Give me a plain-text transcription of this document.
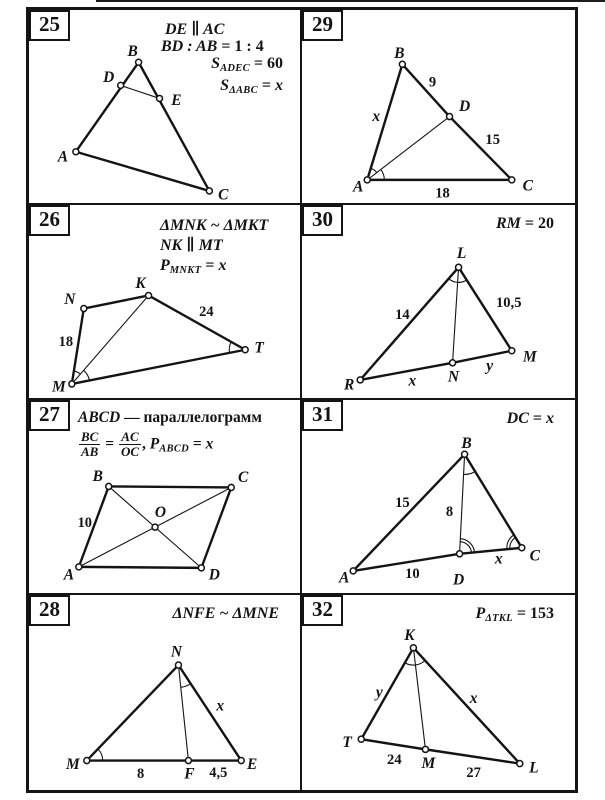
A
B
C
D
E
25	DE ∥ AC
BD : AB = 1 : 4
$S_{ADEC} = 60$
$S_{\Delta ABC} = x$
B
A	C
D
9
x
15
18
29
N
K
M
T
18
24
26	ΔMNK ~ ΔMKT
NK ∥ MT
$P_{MNKT} = x$
L
R
M
N
14
10,5
x
y
30	RM = 20
B	C
A	D
O
10
27	ABCD — параллелограмм
$\frac{BC}{AB} = \frac{AC}{OC}$ , $P_{ABCD} = x$	B
A
C
D
15
8
10
x
31	DC = x
N
M
F
E
8	4,5
x
28	ΔNFE ~ ΔMNE
K
T
M	L
y	x
24
27
32	$P_{\Delta TKL} = 153$
